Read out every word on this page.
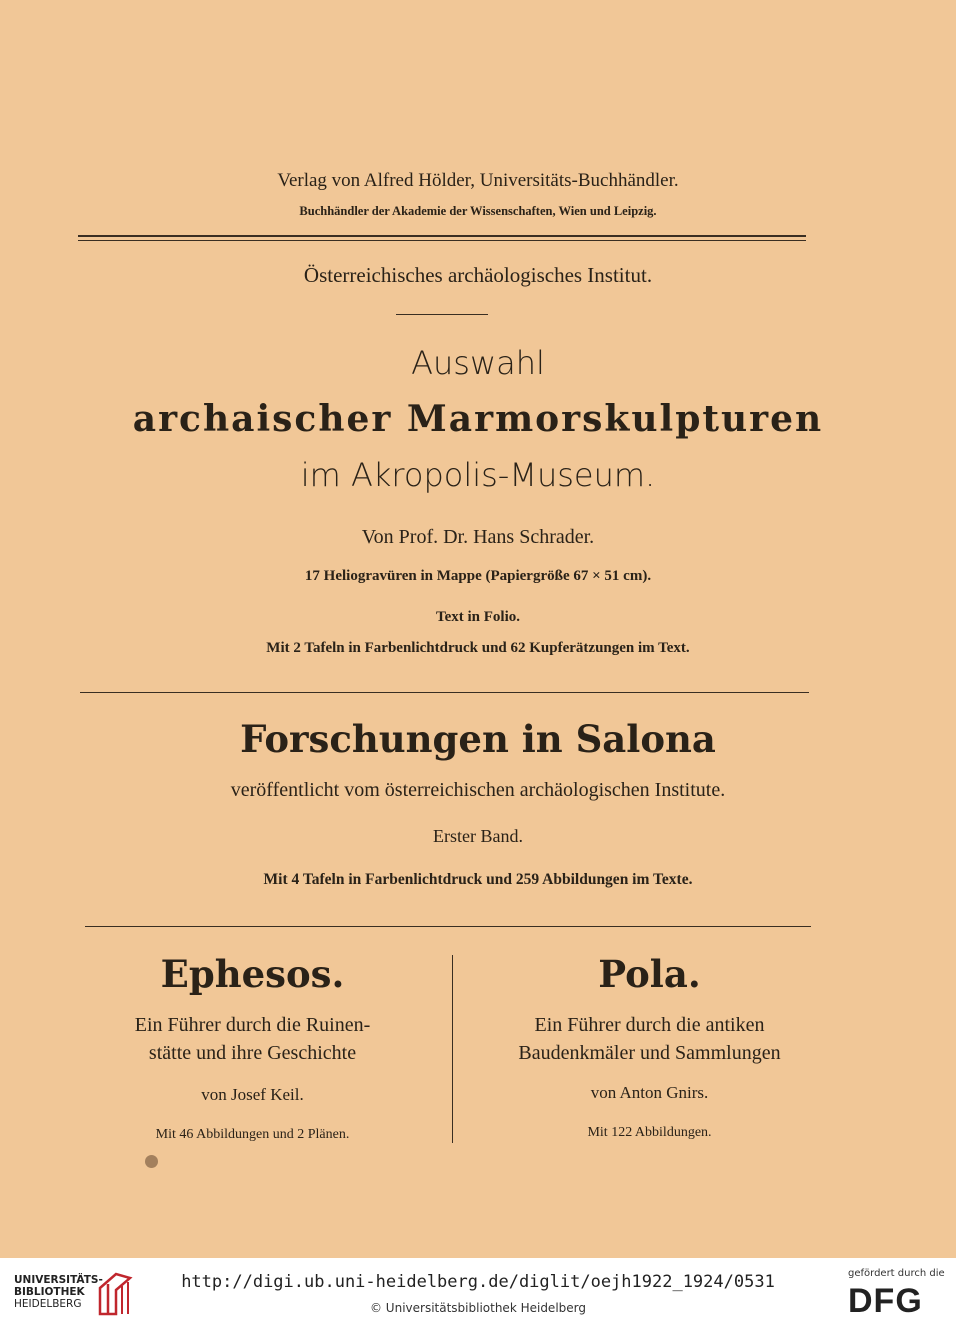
Verlag von Alfred Hölder, Universitäts-Buchhändler.
Buchhändler der Akademie der Wissenschaften, Wien und Leipzig.
Österreichisches archäologisches Institut.
Auswahl
archaischer Marmorskulpturen
im Akropolis-Museum.
Von Prof. Dr. Hans Schrader.
17 Heliogravüren in Mappe (Papiergröße 67 × 51 cm).
Text in Folio.
Mit 2 Tafeln in Farbenlichtdruck und 62 Kupferätzungen im Text.
Forschungen in Salona
veröffentlicht vom österreichischen archäologischen Institute.
Erster Band.
Mit 4 Tafeln in Farbenlichtdruck und 259 Abbildungen im Texte.
Ephesos.
Ein Führer durch die Ruinen-
stätte und ihre Geschichte
von Josef Keil.
Mit 46 Abbildungen und 2 Plänen.
Pola.
Ein Führer durch die antiken
Baudenkmäler und Sammlungen
von Anton Gnirs.
Mit 122 Abbildungen.
UNIVERSITÄTS-
BIBLIOTHEK
HEIDELBERG
http://digi.ub.uni-heidelberg.de/diglit/oejh1922_1924/0531
© Universitätsbibliothek Heidelberg
gefördert durch die
DFG
